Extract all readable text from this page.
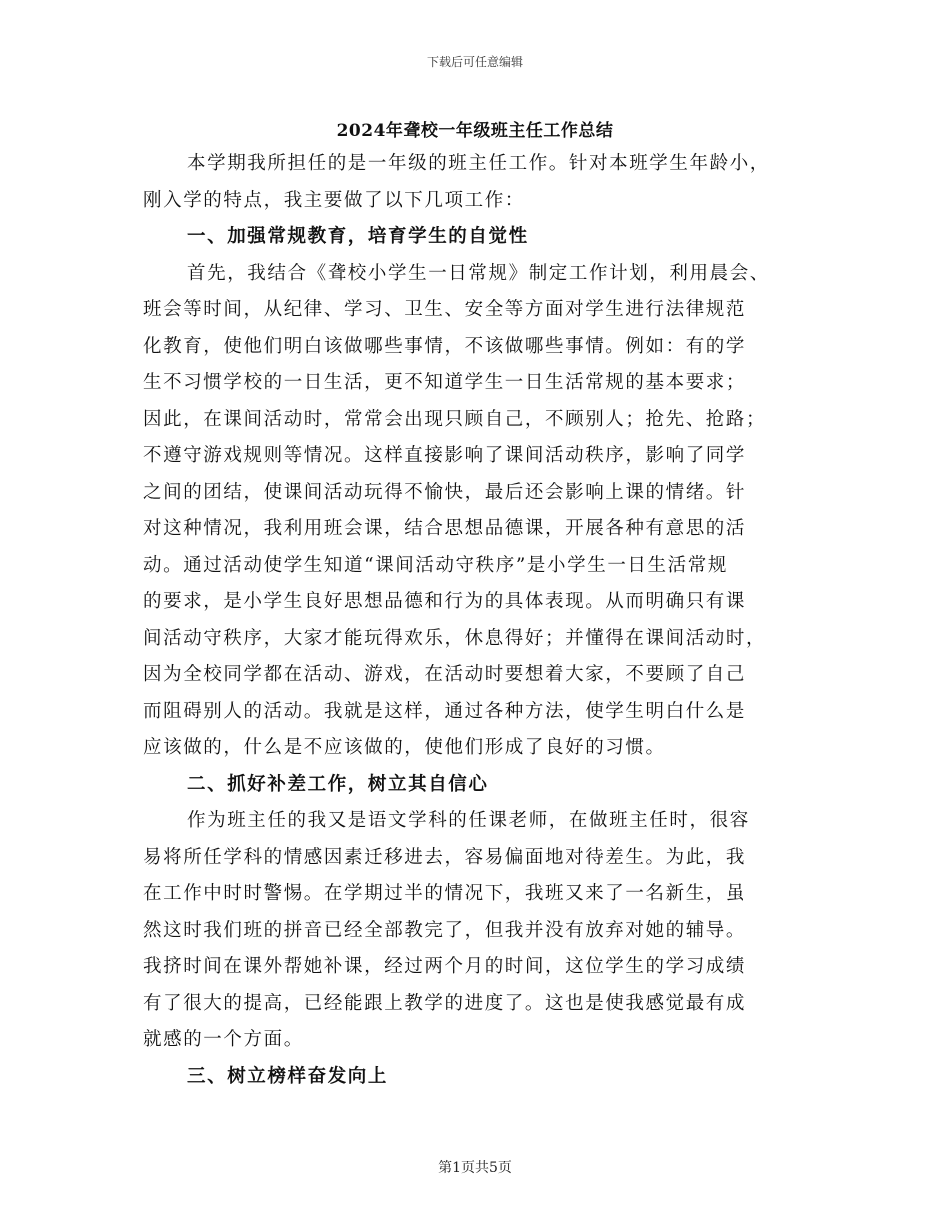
下载后可任意编辑
2024年聋校一年级班主任工作总结
本学期我所担任的是一年级的班主任工作。针对本班学生年龄小，
刚入学的特点，我主要做了以下几项工作：
一、加强常规教育，培育学生的自觉性
首先，我结合《聋校小学生一日常规》制定工作计划，利用晨会、
班会等时间，从纪律、学习、卫生、安全等方面对学生进行法律规范
化教育，使他们明白该做哪些事情，不该做哪些事情。例如：有的学
生不习惯学校的一日生活，更不知道学生一日生活常规的基本要求；
因此，在课间活动时，常常会出现只顾自己，不顾别人；抢先、抢路；
不遵守游戏规则等情况。这样直接影响了课间活动秩序，影响了同学
之间的团结，使课间活动玩得不愉快，最后还会影响上课的情绪。针
对这种情况，我利用班会课，结合思想品德课，开展各种有意思的活
动。通过活动使学生知道“课间活动守秩序”是小学生一日生活常规
的要求，是小学生良好思想品德和行为的具体表现。从而明确只有课
间活动守秩序，大家才能玩得欢乐，休息得好；并懂得在课间活动时，
因为全校同学都在活动、游戏，在活动时要想着大家，不要顾了自己
而阻碍别人的活动。我就是这样，通过各种方法，使学生明白什么是
应该做的，什么是不应该做的，使他们形成了良好的习惯。
二、抓好补差工作，树立其自信心
作为班主任的我又是语文学科的任课老师，在做班主任时，很容
易将所任学科的情感因素迁移进去，容易偏面地对待差生。为此，我
在工作中时时警惕。在学期过半的情况下，我班又来了一名新生，虽
然这时我们班的拼音已经全部教完了，但我并没有放弃对她的辅导。
我挤时间在课外帮她补课，经过两个月的时间，这位学生的学习成绩
有了很大的提高，已经能跟上教学的进度了。这也是使我感觉最有成
就感的一个方面。
三、树立榜样奋发向上
第1页共5页
